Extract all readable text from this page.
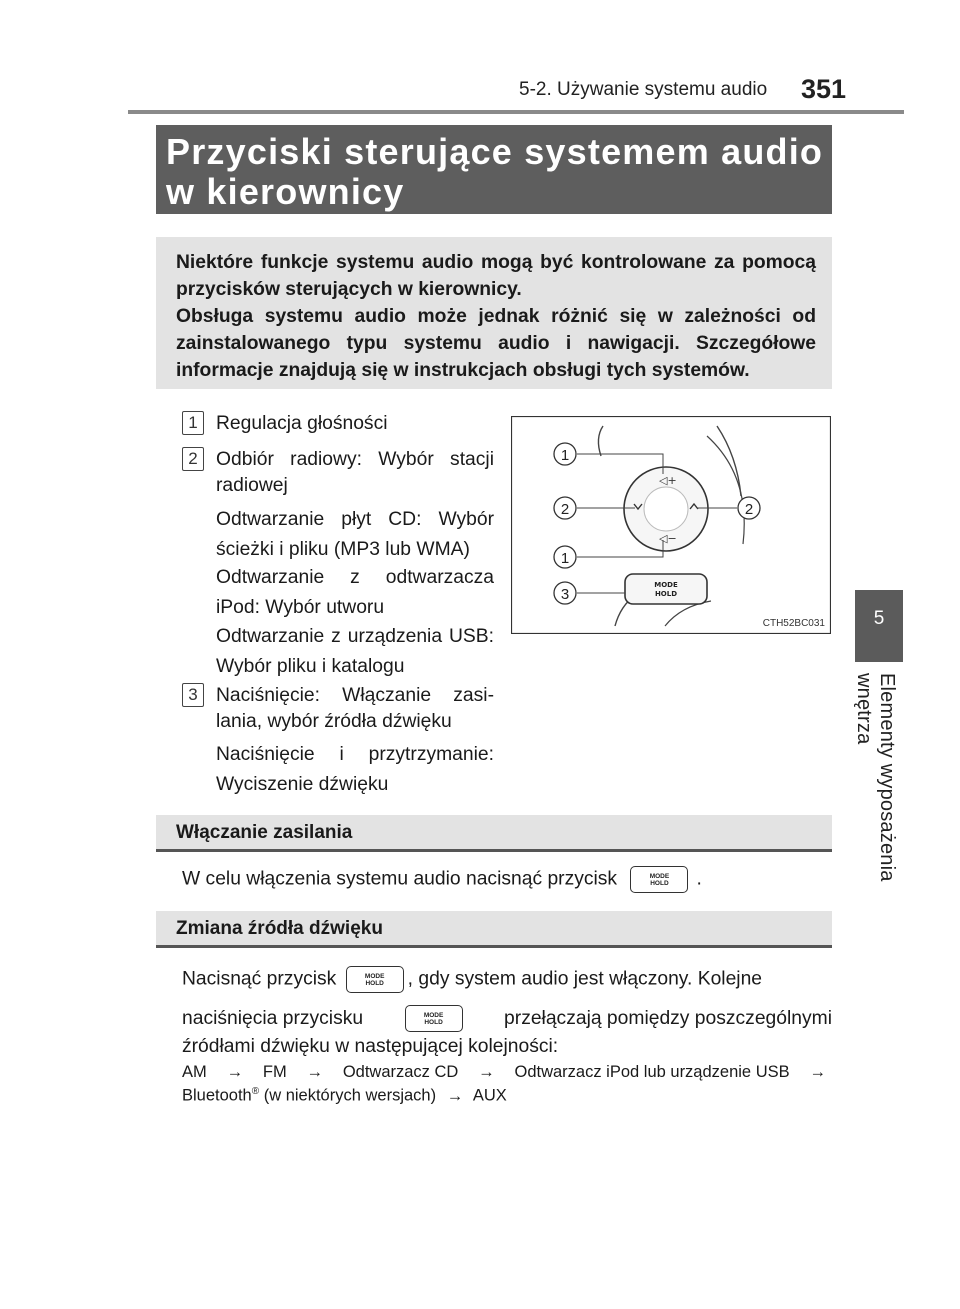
5-2. Używanie systemu audio 351
5
Elementy wyposażenia wnętrza
Przyciski sterujące systemem audio
w kierownicy

Niektóre funkcje systemu audio mogą być kontrolowane za pomocą przycisków sterujących w kierownicy.

Obsługa systemu audio może jednak różnić się w zależności od zainstalowanego typu systemu audio i nawigacji. Szczegółowe informacje znajdują się w instrukcjach obsługi tych systemów.

1 Regulacja głośności
2 Odbiór radiowy: Wybór stacji radiowej
Odtwarzanie płyt CD: Wybór ścieżki i pliku (MP3 lub WMA)
Odtwarzanie z odtwarzacza iPod: Wybór utworu
Odtwarzanie z urządzenia USB: Wybór pliku i katalogu
3 Naciśnięcie: Włączanie zasi-lania, wybór źródła dźwięku
Naciśnięcie i przytrzymanie: Wyciszenie dźwięku
◁+
◁−
MODE
HOLD
1
2	2
1
3
CTH52BC031
Włączanie zasilania
W celu włączenia systemu audio nacisnąć przycisk	MODE
HOLD .
Zmiana źródła dźwięku
Nacisnąć przycisk	MODE
HOLD , gdy system audio jest włączony. Kolejne
naciśnięcia przycisku	MODE
HOLD	przełączają pomiędzy poszczególnymi
źródłami dźwięku w następującej kolejności:
AM → FM → Odtwarzacz CD → Odtwarzacz iPod lub urządzenie USB →
Bluetooth® (w niektórych wersjach) → AUX
